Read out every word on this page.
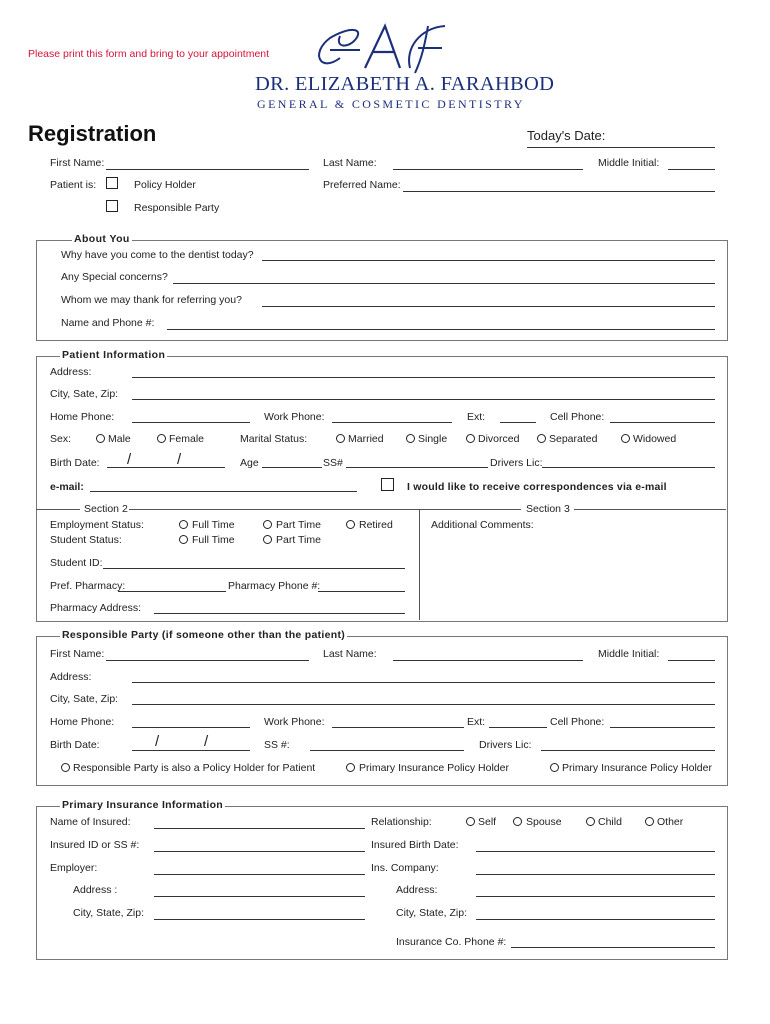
Please print this form and bring to your appointment
DR. ELIZABETH A. FARAHBOD
GENERAL & COSMETIC DENTISTRY
Registration	Today's Date:
First Name:	Last Name:	Middle Initial:
Patient is:	Policy Holder	Preferred Name:
Responsible Party
About You
Why have you come to the dentist today?
Any Special concerns?
Whom we may thank for referring you?
Name and Phone #:
Patient Information
Address:
City, Sate, Zip:
Home Phone:	Work Phone:	Ext:	Cell Phone:
Sex:	Male	Female	Marital Status:	Married	Single	Divorced	Separated	Widowed
Birth Date: /	/	Age	SS#	Drivers Lic:
e-mail:	I would like to receive correspondences via e-mail
Section 2	Section 3
Employment Status:	Full Time	Part Time	Retired	Additional Comments:
Student Status:	Full Time	Part Time
Student ID:
Pref. Pharmacy:	Pharmacy Phone #:
Pharmacy Address:
Responsible Party (if someone other than the patient)
First Name:	Last Name:	Middle Initial:
Address:
City, Sate, Zip:
Home Phone:	Work Phone:	Ext:	Cell Phone:
Birth Date:	/	/	SS #:	Drivers Lic:
Responsible Party is also a Policy Holder for Patient	Primary Insurance Policy Holder	Primary Insurance Policy Holder
Primary Insurance Information
Name of Insured:	Relationship:	Self	Spouse	Child	Other
Insured ID or SS #:	Insured Birth Date:
Employer:	Ins. Company:
Address :	Address:
City, State, Zip:	City, State, Zip:
Insurance Co. Phone #:
